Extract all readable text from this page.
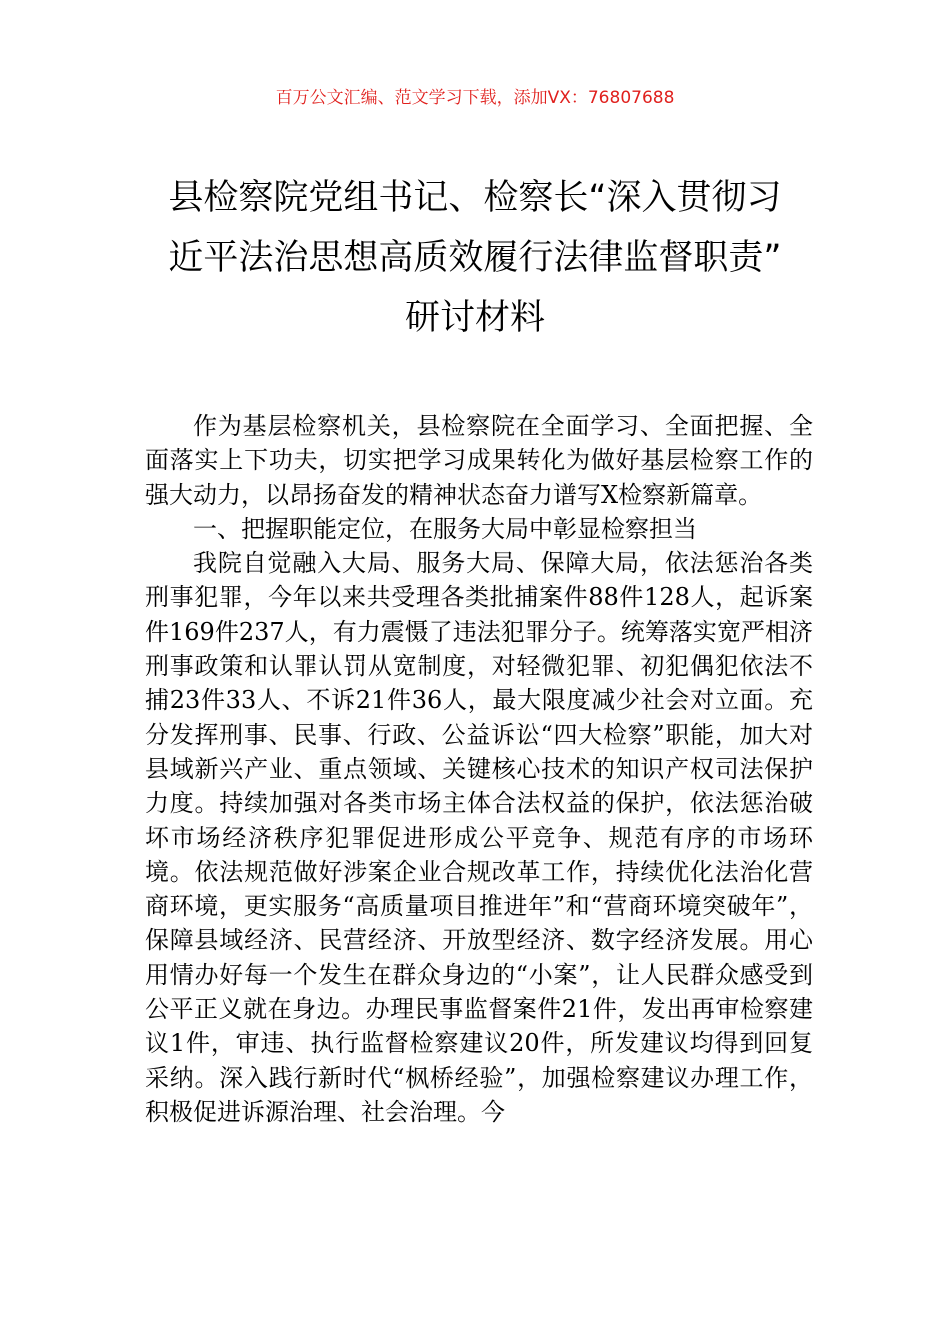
百万公文汇编、范文学习下载，添加VX：76807688
县检察院党组书记、检察长“深入贯彻习
近平法治思想高质效履行法律监督职责”
研讨材料

作为基层检察机关，县检察院在全面学习、全面把握、全面落实上下功夫，切实把学习成果转化为做好基层检察工作的强大动力，以昂扬奋发的精神状态奋力谱写X检察新篇章。

一、把握职能定位，在服务大局中彰显检察担当

我院自觉融入大局、服务大局、保障大局，依法惩治各类刑事犯罪，今年以来共受理各类批捕案件88件128人，起诉案件169件237人，有力震慑了违法犯罪分子。统筹落实宽严相济刑事政策和认罪认罚从宽制度，对轻微犯罪、初犯偶犯依法不捕23件33人、不诉21件36人，最大限度减少社会对立面。充分发挥刑事、民事、行政、公益诉讼“四大检察”职能，加大对县域新兴产业、重点领域、关键核心技术的知识产权司法保护力度。持续加强对各类市场主体合法权益的保护，依法惩治破坏市场经济秩序犯罪促进形成公平竞争、规范有序的市场环境。依法规范做好涉案企业合规改革工作，持续优化法治化营商环境，更实服务“高质量项目推进年”和“营商环境突破年”，保障县域经济、民营经济、开放型经济、数字经济发展。用心用情办好每一个发生在群众身边的“小案”，让人民群众感受到公平正义就在身边。办理民事监督案件21件，发出再审检察建议1件，审违、执行监督检察建议20件，所发建议均得到回复采纳。深入践行新时代“枫桥经验”，加强检察建议办理工作，积极促进诉源治理、社会治理。今
